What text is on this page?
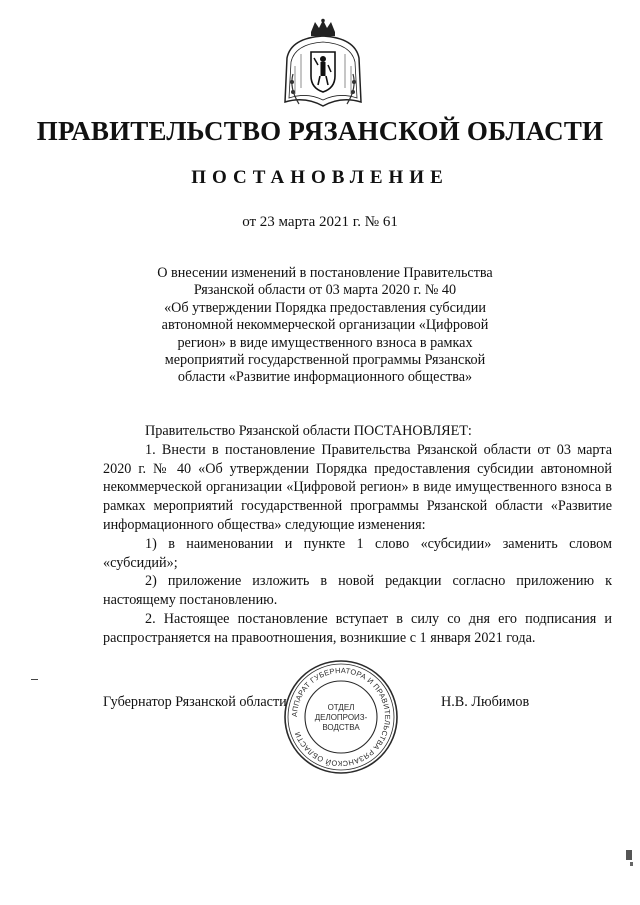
ПРАВИТЕЛЬСТВО РЯЗАНСКОЙ ОБЛАСТИ
ПОСТАНОВЛЕНИЕ
от 23 марта 2021 г. № 61
О внесении изменений в постановление Правительства
Рязанской области от 03 марта 2020 г. № 40
«Об утверждении Порядка предоставления субсидии
автономной некоммерческой организации «Цифровой
регион» в виде имущественного взноса в рамках
мероприятий государственной программы Рязанской
области «Развитие информационного общества»
Правительство Рязанской области ПОСТАНОВЛЯЕТ:
1. Внести в постановление Правительства Рязанской области от 03 марта 2020 г. № 40 «Об утверждении Порядка предоставления субсидии автономной некоммерческой организации «Цифровой регион» в виде имущественного взноса в рамках мероприятий государственной программы Рязанской области «Развитие информационного общества» следующие изменения:
1) в наименовании и пункте 1 слово «субсидии» заменить словом «субсидий»;
2) приложение изложить в новой редакции согласно приложению к настоящему постановлению.
2. Настоящее постановление вступает в силу со дня его подписания и распространяется на правоотношения, возникшие с 1 января 2021 года.
Губернатор Рязанской области	Н.В. Любимов
АППАРАТ ГУБЕРНАТОРА И ПРАВИТЕЛЬСТВА РЯЗАНСКОЙ ОБЛАСТИ
ОТДЕЛ
ДЕЛОПРОИЗ-
ВОДСТВА
